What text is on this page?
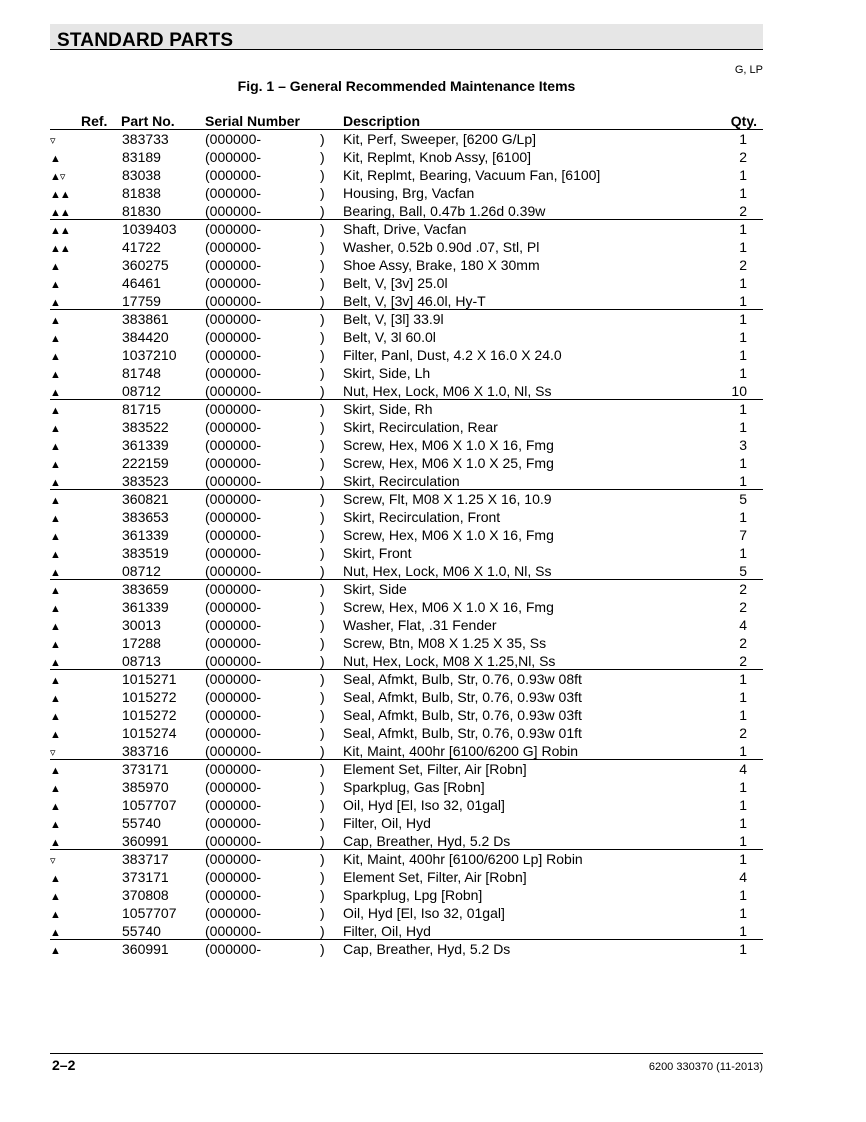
STANDARD PARTS
G, LP
Fig. 1 – General Recommended Maintenance Items
Ref. Part No. Serial Number	Description	Qty.
▿	383733	(000000-	) Kit, Perf, Sweeper, [6200 G/Lp]	1
▲	83189	(000000-	) Kit, Replmt, Knob Assy, [6100]	2
▲▿	83038	(000000-	) Kit, Replmt, Bearing, Vacuum Fan, [6100]	1
▲▲	81838	(000000-	) Housing, Brg, Vacfan	1
▲▲	81830	(000000-	) Bearing, Ball, 0.47b 1.26d 0.39w	2
▲▲	1039403 (000000-	) Shaft, Drive, Vacfan	1
▲▲	41722	(000000-	) Washer, 0.52b 0.90d .07, Stl, Pl	1
▲	360275	(000000-	) Shoe Assy, Brake, 180 X 30mm	2
▲	46461	(000000-	) Belt, V, [3v] 25.0l	1
▲	17759	(000000-	) Belt, V, [3v] 46.0l, Hy-T	1
▲	383861	(000000-	) Belt, V, [3l] 33.9l	1
▲	384420	(000000-	) Belt, V, 3l 60.0l	1
▲	1037210 (000000-	) Filter, Panl, Dust, 4.2 X 16.0 X 24.0	1
▲	81748	(000000-	) Skirt, Side, Lh	1
▲	08712	(000000-	) Nut, Hex, Lock, M06 X 1.0, Nl, Ss	10
▲	81715	(000000-	) Skirt, Side, Rh	1
▲	383522	(000000-	) Skirt, Recirculation, Rear	1
▲	361339	(000000-	) Screw, Hex, M06 X 1.0 X 16, Fmg	3
▲	222159	(000000-	) Screw, Hex, M06 X 1.0 X 25, Fmg	1
▲	383523	(000000-	) Skirt, Recirculation	1
▲	360821	(000000-	) Screw, Flt, M08 X 1.25 X 16, 10.9	5
▲	383653	(000000-	) Skirt, Recirculation, Front	1
▲	361339	(000000-	) Screw, Hex, M06 X 1.0 X 16, Fmg	7
▲	383519	(000000-	) Skirt, Front	1
▲	08712	(000000-	) Nut, Hex, Lock, M06 X 1.0, Nl, Ss	5
▲	383659	(000000-	) Skirt, Side	2
▲	361339	(000000-	) Screw, Hex, M06 X 1.0 X 16, Fmg	2
▲	30013	(000000-	) Washer, Flat, .31 Fender	4
▲	17288	(000000-	) Screw, Btn, M08 X 1.25 X 35, Ss	2
▲	08713	(000000-	) Nut, Hex, Lock, M08 X 1.25,Nl, Ss	2
▲	1015271 (000000-	) Seal, Afmkt, Bulb, Str, 0.76, 0.93w 08ft	1
▲	1015272 (000000-	) Seal, Afmkt, Bulb, Str, 0.76, 0.93w 03ft	1
▲	1015272 (000000-	) Seal, Afmkt, Bulb, Str, 0.76, 0.93w 03ft	1
▲	1015274 (000000-	) Seal, Afmkt, Bulb, Str, 0.76, 0.93w 01ft	2
▿	383716	(000000-	) Kit, Maint, 400hr [6100/6200 G] Robin	1
▲	373171	(000000-	) Element Set, Filter, Air [Robn]	4
▲	385970	(000000-	) Sparkplug, Gas [Robn]	1
▲	1057707 (000000-	) Oil, Hyd [El, Iso 32, 01gal]	1
▲	55740	(000000-	) Filter, Oil, Hyd	1
▲	360991	(000000-	) Cap, Breather, Hyd, 5.2 Ds	1
▿	383717	(000000-	) Kit, Maint, 400hr [6100/6200 Lp] Robin	1
▲	373171	(000000-	) Element Set, Filter, Air [Robn]	4
▲	370808	(000000-	) Sparkplug, Lpg [Robn]	1
▲	1057707 (000000-	) Oil, Hyd [El, Iso 32, 01gal]	1
▲	55740	(000000-	) Filter, Oil, Hyd	1
▲	360991	(000000-	) Cap, Breather, Hyd, 5.2 Ds	1
2–2	6200 330370 (11-2013)
